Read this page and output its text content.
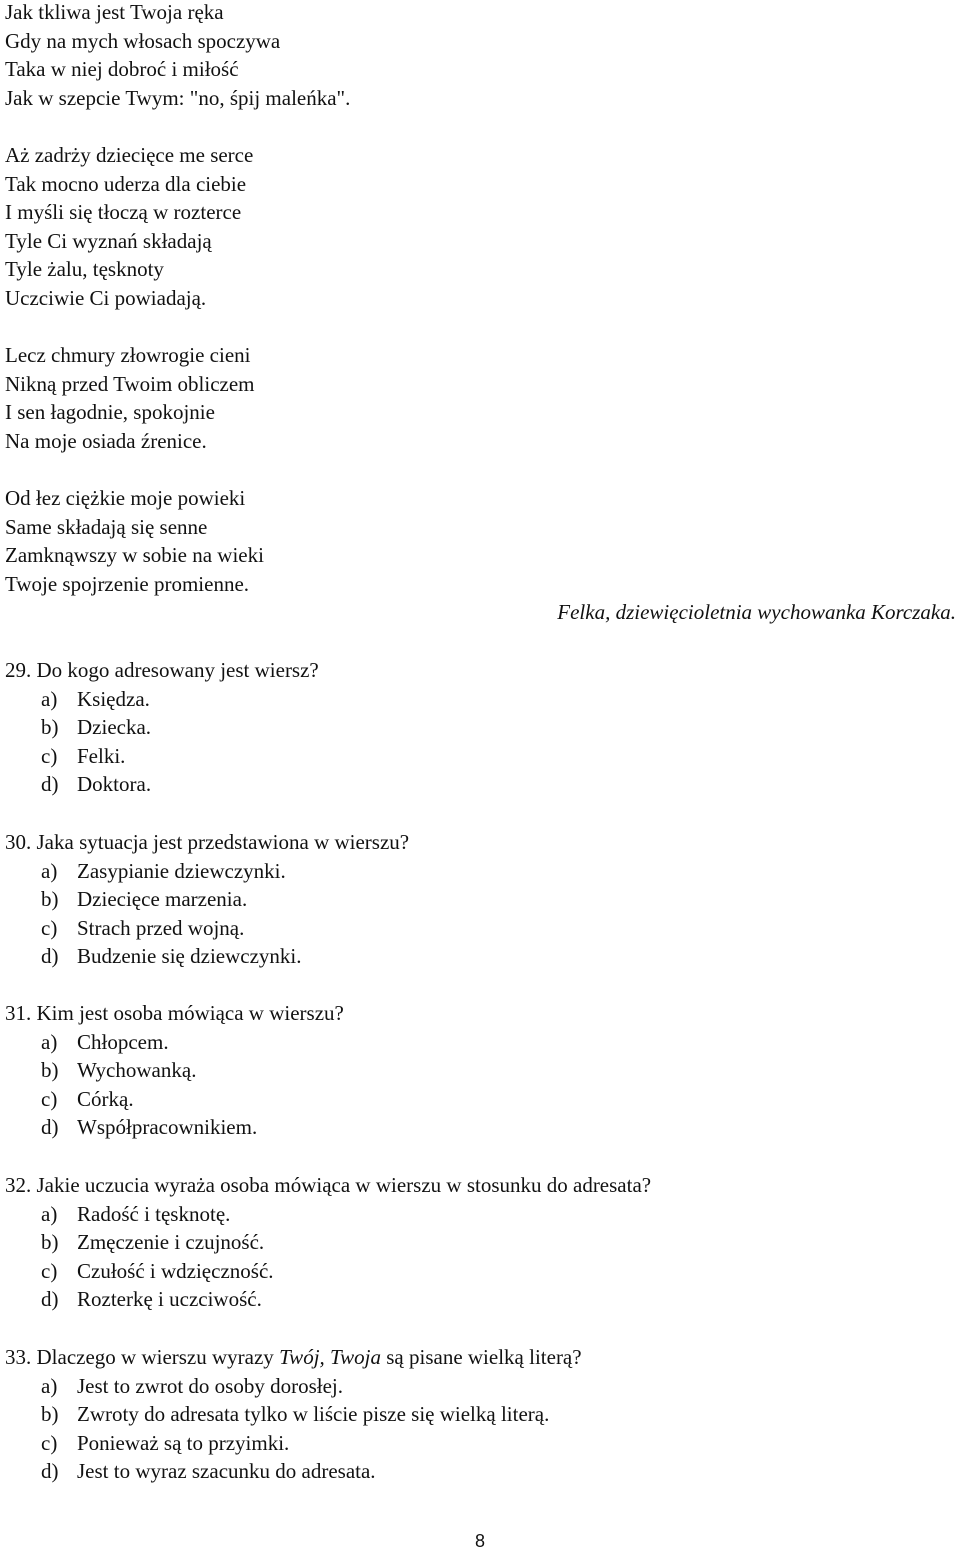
Jak tkliwa jest Twoja ręka
Gdy na mych włosach spoczywa
Taka w niej dobroć i miłość
Jak w szepcie Twym: "no, śpij maleńka".
Aż zadrży dziecięce me serce
Tak mocno uderza dla ciebie
I myśli się tłoczą w rozterce
Tyle Ci wyznań składają
Tyle żalu, tęsknoty
Uczciwie Ci powiadają.
Lecz chmury złowrogie cieni
Nikną przed Twoim obliczem
I sen łagodnie, spokojnie
Na moje osiada źrenice.
Od łez ciężkie moje powieki
Same składają się senne
Zamknąwszy w sobie na wieki
Twoje spojrzenie promienne.
Felka, dziewięcioletnia wychowanka Korczaka.
29. Do kogo adresowany jest wiersz?
a) Księdza.
b) Dziecka.
c) Felki.
d) Doktora.
30. Jaka sytuacja jest przedstawiona w wierszu?
a) Zasypianie dziewczynki.
b) Dziecięce marzenia.
c) Strach przed wojną.
d) Budzenie się dziewczynki.
31. Kim jest osoba mówiąca w wierszu?
a) Chłopcem.
b) Wychowanką.
c) Córką.
d) Współpracownikiem.
32. Jakie uczucia wyraża osoba mówiąca w wierszu w stosunku do adresata?
a) Radość i tęsknotę.
b) Zmęczenie i czujność.
c) Czułość i wdzięczność.
d) Rozterkę i uczciwość.
33. Dlaczego w wierszu wyrazy Twój, Twoja są pisane wielką literą?
a) Jest to zwrot do osoby dorosłej.
b) Zwroty do adresata tylko w liście pisze się wielką literą.
c) Ponieważ są to przyimki.
d) Jest to wyraz szacunku do adresata.
8
